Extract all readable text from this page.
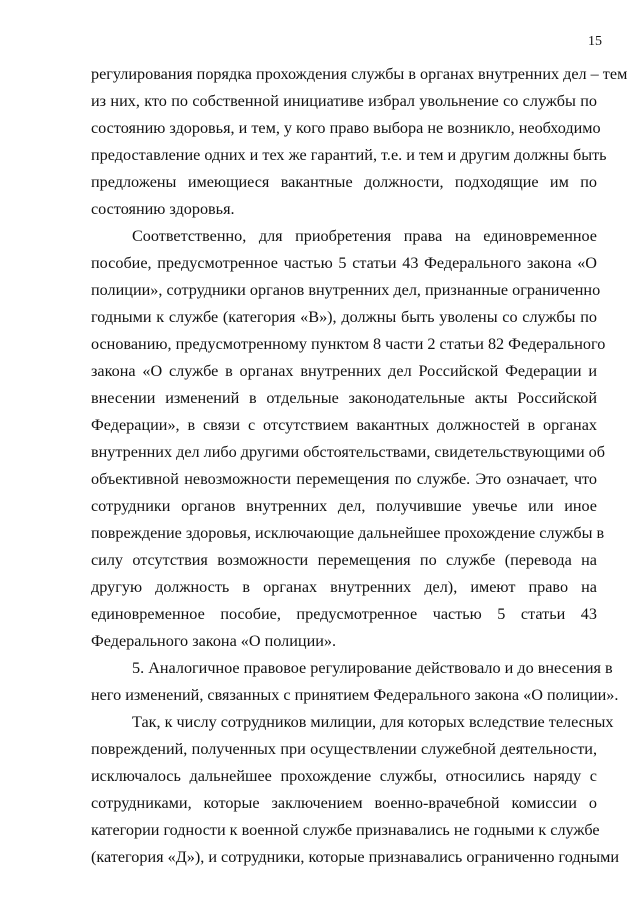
15
регулирования порядка прохождения службы в органах внутренних дел – тем
из них, кто по собственной инициативе избрал увольнение со службы по
состоянию здоровья, и тем, у кого право выбора не возникло, необходимо
предоставление одних и тех же гарантий, т.е. и тем и другим должны быть
предложены имеющиеся вакантные должности, подходящие им по
состоянию здоровья.
Соответственно, для приобретения права на единовременное
пособие, предусмотренное частью 5 статьи 43 Федерального закона «О
полиции», сотрудники органов внутренних дел, признанные ограниченно
годными к службе (категория «В»), должны быть уволены со службы по
основанию, предусмотренному пунктом 8 части 2 статьи 82 Федерального
закона «О службе в органах внутренних дел Российской Федерации и
внесении изменений в отдельные законодательные акты Российской
Федерации», в связи с отсутствием вакантных должностей в органах
внутренних дел либо другими обстоятельствами, свидетельствующими об
объективной невозможности перемещения по службе. Это означает, что
сотрудники органов внутренних дел, получившие увечье или иное
повреждение здоровья, исключающие дальнейшее прохождение службы в
силу отсутствия возможности перемещения по службе (перевода на
другую должность в органах внутренних дел), имеют право на
единовременное пособие, предусмотренное частью 5 статьи 43
Федерального закона «О полиции».
5. Аналогичное правовое регулирование действовало и до внесения в
него изменений, связанных с принятием Федерального закона «О полиции».
Так, к числу сотрудников милиции, для которых вследствие телесных
повреждений, полученных при осуществлении служебной деятельности,
исключалось дальнейшее прохождение службы, относились наряду с
сотрудниками, которые заключением военно-врачебной комиссии о
категории годности к военной службе признавались не годными к службе
(категория «Д»), и сотрудники, которые признавались ограниченно годными
